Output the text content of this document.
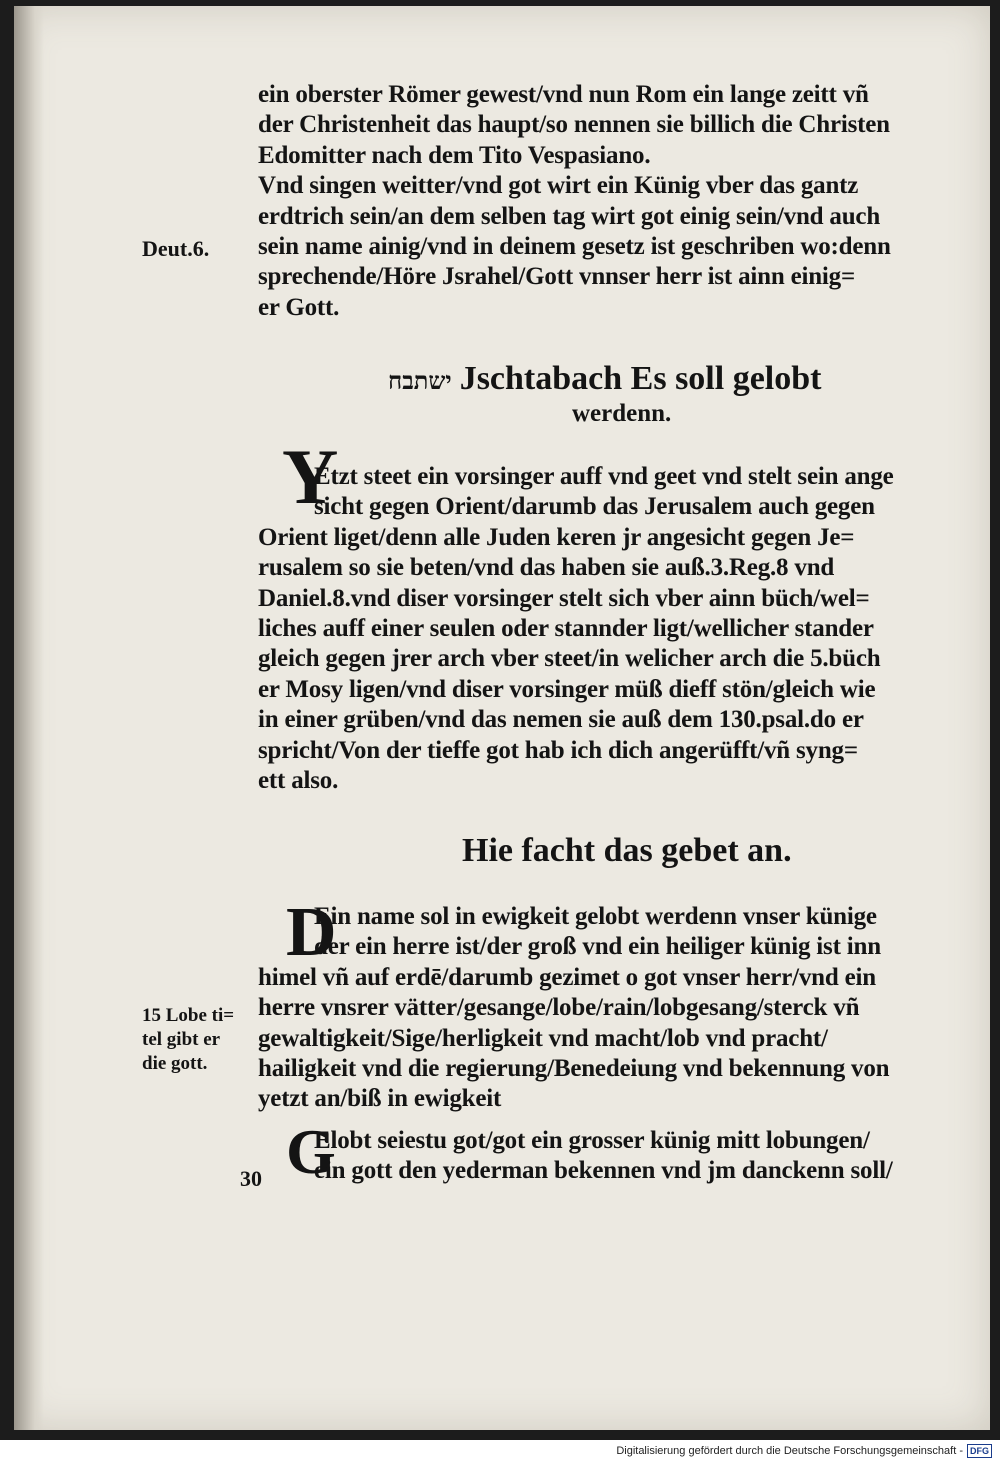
Deut.6.
ein oberster Römer gewest/vnd nun Rom ein lange zeitt vñ
der Christenheit das haupt/so nennen sie billich die Christen
Edomitter nach dem Tito Vespasiano.
Vnd singen weitter/vnd got wirt ein Künig vber das gantz
erdtrich sein/an dem selben tag wirt got einig sein/vnd auch
sein name ainig/vnd in deinem gesetz ist geschriben wo:denn
sprechende/Höre Jsrahel/Gott vnnser herr ist ainn einig=
er Gott.
ישתבח Jschtabach Es soll gelobt
werdenn.
Y
Etzt steet ein vorsinger auff vnd geet vnd stelt sein ange
sicht gegen Orient/darumb das Jerusalem auch gegen
Orient liget/denn alle Juden keren jr angesicht gegen Je=
rusalem so sie beten/vnd das haben sie auß.3.Reg.8 vnd
Daniel.8.vnd diser vorsinger stelt sich vber ainn büch/wel=
liches auff einer seulen oder stannder ligt/wellicher stander
gleich gegen jrer arch vber steet/in welicher arch die 5.büch
er Mosy ligen/vnd diser vorsinger müß dieff stön/gleich wie
in einer grüben/vnd das nemen sie auß dem 130.psal.do er
spricht/Von der tieffe got hab ich dich angerüfft/vñ syng=
ett also.
Hie facht das gebet an.
D
Ein name sol in ewigkeit gelobt werdenn vnser künige
der ein herre ist/der groß vnd ein heiliger künig ist inn
himel vñ auf erdē/darumb gezimet o got vnser herr/vnd ein
herre vnsrer vätter/gesange/lobe/rain/lobgesang/sterck vñ
gewaltigkeit/Sige/herligkeit vnd macht/lob vnd pracht/
hailigkeit vnd die regierung/Benedeiung vnd bekennung von
yetzt an/biß in ewigkeit
15 Lobe ti=
tel gibt er
die gott.
G
Elobt seiestu got/got ein grosser künig mitt lobungen/
ein gott den yederman bekennen vnd jm danckenn soll/
30
Digitalisierung gefördert durch die Deutsche Forschungsgemeinschaft - DFG
